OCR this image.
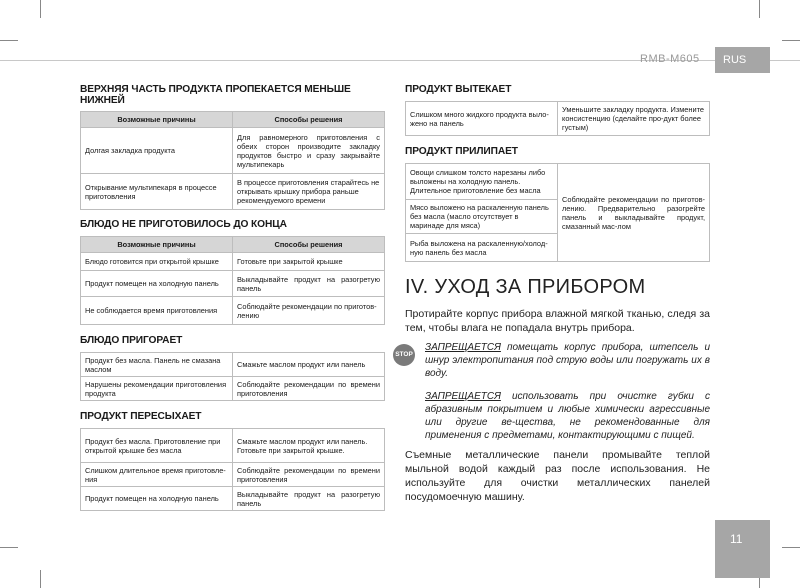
RMB-M605	RUS
11

ВЕРХНЯЯ ЧАСТЬ ПРОДУКТА ПРОПЕКАЕТСЯ МЕНЬШЕ НИЖНЕЙ

Возможные причины	Способы решения
Долгая закладка продукта	Для равномерного приготовления с обеих сторон производите закладку продуктов быстро и сразу закрывайте мультипекарь
Открывание мультипекаря в процессе приготовления	В процессе приготовления старайтесь не открывать крышку прибора раньше рекомендуемого времени

БЛЮДО НЕ ПРИГОТОВИЛОСЬ ДО КОНЦА

Возможные причины	Способы решения
Блюдо готовится при открытой крышке	Готовьте при закрытой крышке
Продукт помещен на холодную панель	Выкладывайте продукт на разогретую панель
Не соблюдается время приготовления	Соблюдайте рекомендации по приготов-лению

БЛЮДО ПРИГОРАЕТ

Продукт без масла. Панель не смазана маслом	Смажьте маслом продукт или панель
Нарушены рекомендации приготовления продукта	Соблюдайте рекомендации по времени приготовления

ПРОДУКТ ПЕРЕСЫХАЕТ

Продукт без масла. Приготовление при открытой крышке без масла	Смажьте маслом продукт или панель. Готовьте при закрытой крышке.
Слишком длительное время приготовле-ния	Соблюдайте рекомендации по времени приготовления
Продукт помещен на холодную панель	Выкладывайте продукт на разогретую панель

ПРОДУКТ ВЫТЕКАЕТ

Слишком много жидкого продукта выло-жено на панель	Уменьшите закладку продукта. Измените консистенцию (сделайте про-дукт более густым)

ПРОДУКТ ПРИЛИПАЕТ

Овощи слишком толсто нарезаны либо выложены на холодную панель. Длительное приготовление без масла	Соблюдайте рекомендации по приготов-лению. Предварительно разогрейте панель и выкладывайте продукт, смазанный мас-лом
Мясо выложено на раскаленную панель без масла (масло отсутствует в маринаде для мяса)
Рыба выложена на раскаленную/холод-ную панель без масла

IV. УХОД ЗА ПРИБОРОМ

Протирайте корпус прибора влажной мягкой тканью, следя за тем, чтобы влага не попадала внутрь прибора.

STOP

ЗАПРЕЩАЕТСЯ помещать корпус прибора, штепсель и шнур электропитания под струю воды или погружать их в воду.

ЗАПРЕЩАЕТСЯ использовать при очистке губки с абразивным покрытием и любые химически агрессивные или другие ве-щества, не рекомендованные для применения с предметами, контактирующими с пищей.

Съемные металлические панели промывайте теплой мыльной водой каждый раз после использования. Не используйте для очистки металлических панелей посудомоечную машину.
